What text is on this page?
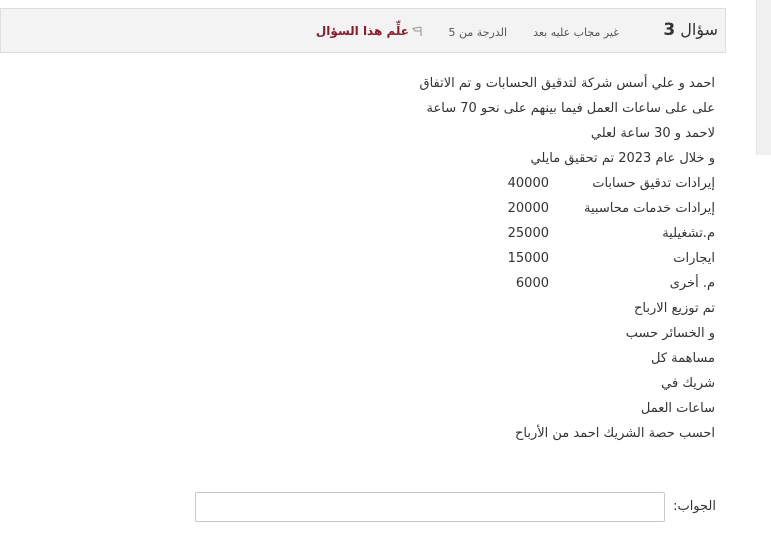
سؤال 3
غير مجاب عليه بعد
الدرجة من 5
علِّم هذا السؤال
احمد و علي أسس شركة لتدقيق الحسابات و تم الاتفاق
على على ساعات العمل فيما بينهم على نحو 70 ساعة
لاحمد و 30 ساعة لعلي
و خلال عام 2023 تم تحقيق مايلي
إيرادات تدقيق حسابات
40000
إيرادات خدمات محاسبية
20000
م.تشغيلية
25000
ايجارات
15000
م. أخرى
6000
تم توزيع الارباح
و الخسائر حسب
مساهمة كل
شريك في
ساعات العمل
احسب حصة الشريك احمد من الأرباح
الجواب:
